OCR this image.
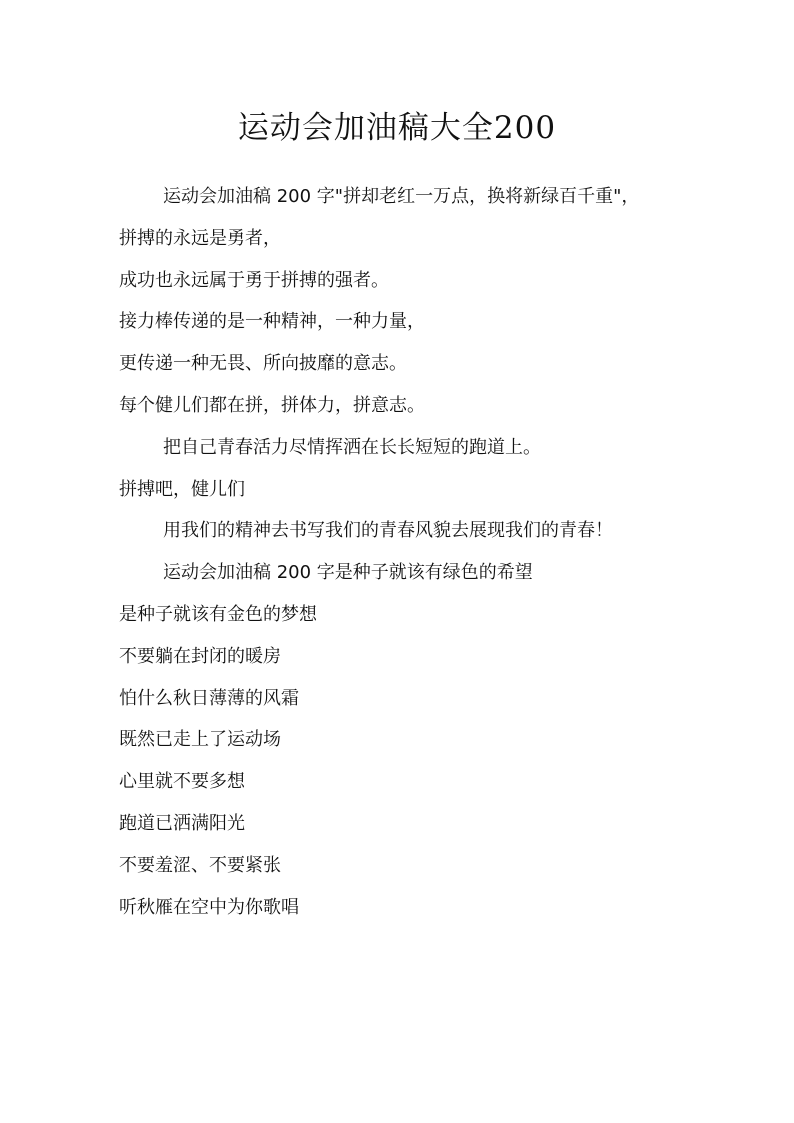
运动会加油稿大全200

运动会加油稿 200 字"拼却老红一万点，换将新绿百千重"，

拼搏的永远是勇者，

成功也永远属于勇于拼搏的强者。

接力棒传递的是一种精神，一种力量，

更传递一种无畏、所向披靡的意志。

每个健儿们都在拼，拼体力，拼意志。

把自己青春活力尽情挥洒在长长短短的跑道上。

拼搏吧，健儿们

用我们的精神去书写我们的青春风貌去展现我们的青春！

运动会加油稿 200 字是种子就该有绿色的希望

是种子就该有金色的梦想

不要躺在封闭的暖房

怕什么秋日薄薄的风霜

既然已走上了运动场

心里就不要多想

跑道已洒满阳光

不要羞涩、不要紧张

听秋雁在空中为你歌唱
